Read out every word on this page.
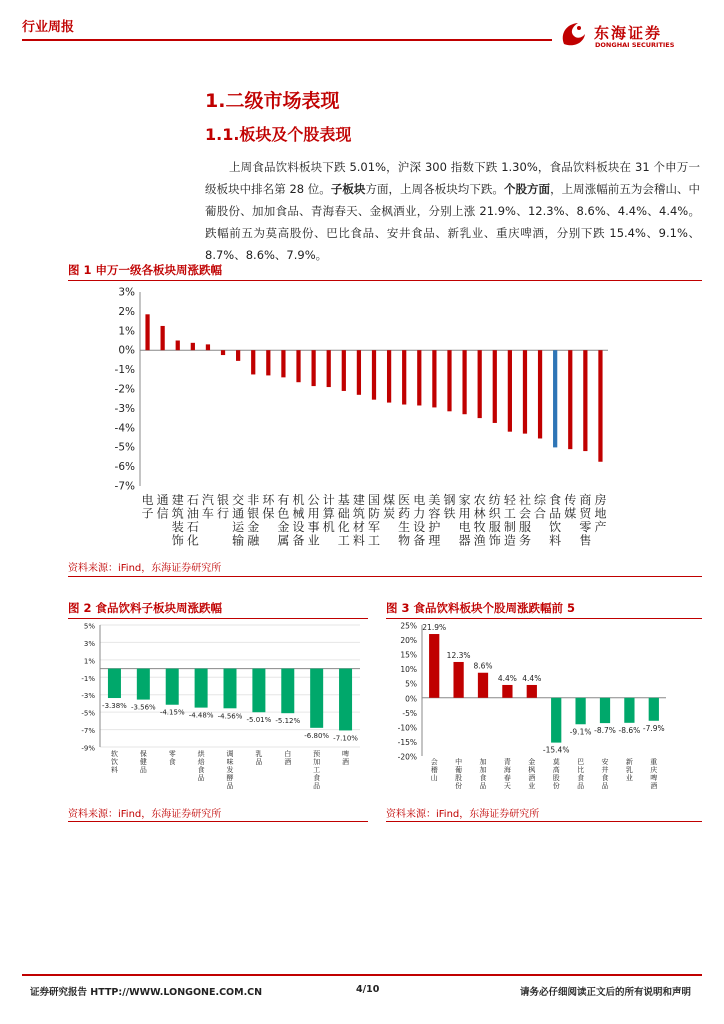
行业周报	东海证券
DONGHAI SECURITIES
1.二级市场表现
1.1.板块及个股表现
上周食品饮料板块下跌 5.01%，沪深 300 指数下跌 1.30%，食品饮料板块在 31 个申万一级板块中排名第 28 位。子板块方面，上周各板块均下跌。个股方面，上周涨幅前五为会稽山、中葡股份、加加食品、青海春天、金枫酒业，分别上涨 21.9%、12.3%、8.6%、4.4%、4.4%。跌幅前五为莫高股份、巴比食品、安井食品、新乳业、重庆啤酒，分别下跌 15.4%、9.1%、8.7%、8.6%、7.9%。
图 1 申万一级各板块周涨跌幅
3%
2%
1%
0%
-1%
-2%
-3%
-4%
-5%
-6%
-7%
电
子
通
信
建
筑
装
饰
石
油
石
化
汽
车
银
行
交
通
运
输
非
银
金
融
环
保
有
色
金
属
机
械
设
备
公
用
事
业
计
算
机
基
础
化
工
建
筑
材
料
国
防
军
工
煤
炭
医
药
生
物
电
力
设
备
美
容
护
理
钢
铁
家
用
电
器
农
林
牧
渔
纺
织
服
饰
轻
工
制
造
社
会
服
务
综
合
食
品
饮
料
传
媒
商
贸
零
售
房
地
产
资料来源：iFind，东海证券研究所
图 2 食品饮料子板块周涨跌幅
5%
3%
1%
-1%
-3%
-5%
-7%
-9%
-3.38%
软
饮
料
-3.56%
保
健
品
-4.15%
零
食
-4.48%
烘
焙
食
品
-4.56%
调
味
发
酵
品
-5.01%
乳
品
-5.12%
白
酒
-6.80%
预
加
工
食
品
-7.10%
啤
酒
资料来源：iFind，东海证券研究所
图 3 食品饮料板块个股周涨跌幅前 5
25%
20%
15%
10%
5%
0%
-5%
-10%
-15%
-20%
21.9%
会
稽
山
12.3%
中
葡
股
份
8.6%
加
加
食
品
4.4%
青
海
春
天
4.4%
金
枫
酒
业
-15.4%
莫
高
股
份
-9.1%
巴
比
食
品
-8.7%
安
井
食
品
-8.6%
新
乳
业
-7.9%
重
庆
啤
酒
资料来源：iFind，东海证券研究所
证券研究报告 HTTP://WWW.LONGONE.COM.CN	4/10	请务必仔细阅读正文后的所有说明和声明
